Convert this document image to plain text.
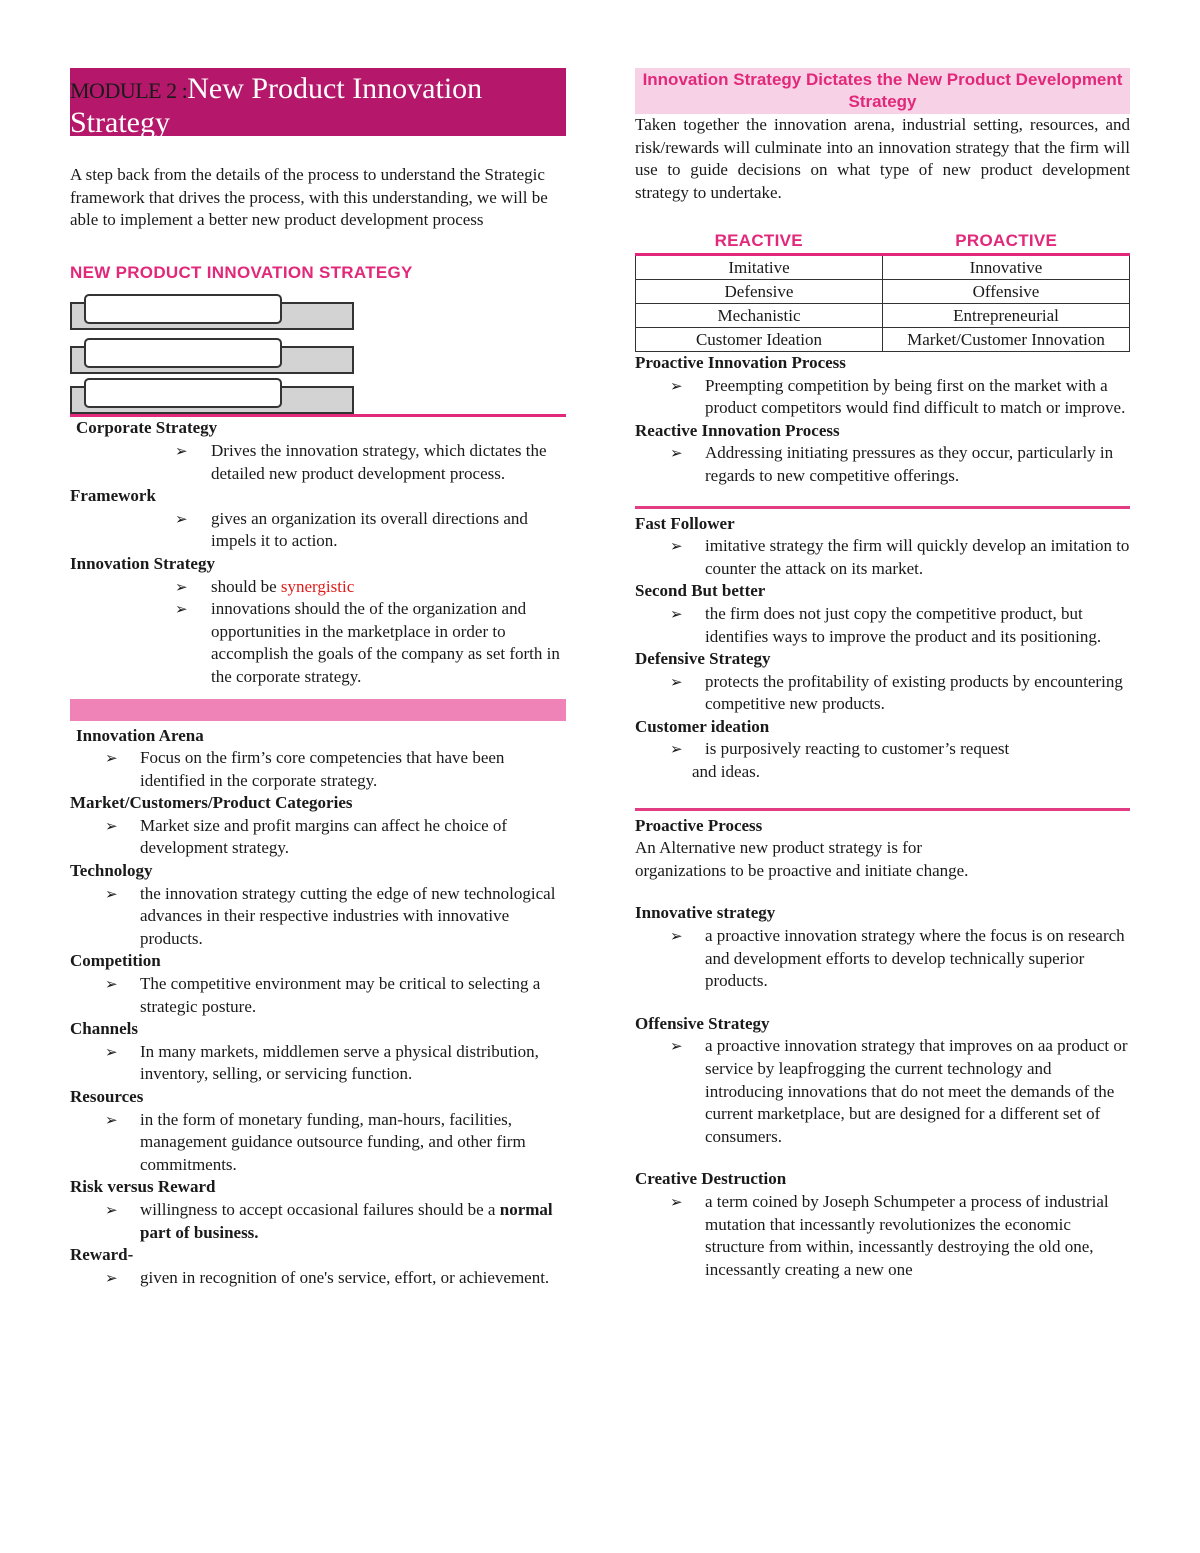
MODULE 2 :New Product Innovation Strategy
A step back from the details of the process to understand the Strategic framework that drives the process, with this understanding, we will be able to implement a better new product development process
NEW PRODUCT INNOVATION STRATEGY
Corporate Strategy
➢ Drives the innovation strategy, which dictates the detailed new product development process.
Framework
➢ gives an organization its overall directions and impels it to action.
Innovation Strategy
➢ should be synergistic
➢ innovations should the of the organization and opportunities in the marketplace in order to accomplish the goals of the company as set forth in the corporate strategy.
Innovation Arena
➢ Focus on the firm’s core competencies that have been identified in the corporate strategy.
Market/Customers/Product Categories
➢ Market size and profit margins can affect he choice of development strategy.
Technology
➢ the innovation strategy cutting the edge of new technological advances in their respective industries with innovative products.
Competition
➢ The competitive environment may be critical to selecting a strategic posture.
Channels
➢ In many markets, middlemen serve a physical distribution, inventory, selling, or servicing function.
Resources
➢ in the form of monetary funding, man-hours, facilities, management guidance outsource funding, and other firm commitments.
Risk versus Reward
➢ willingness to accept occasional failures should be a normal part of business.
Reward-
➢ given in recognition of one's service, effort, or achievement.
Innovation Strategy Dictates the New Product Development Strategy
Taken together the innovation arena, industrial setting, resources, and risk/rewards will culminate into an innovation strategy that the firm will use to guide decisions on what type of new product development strategy to undertake.
REACTIVE	PROACTIVE
Imitative	Innovative
Defensive	Offensive
Mechanistic	Entrepreneurial
Customer Ideation	Market/Customer Innovation
Proactive Innovation Process
➢ Preempting competition by being first on the market with a product competitors would find difficult to match or improve.
Reactive Innovation Process
➢ Addressing initiating pressures as they occur, particularly in regards to new competitive offerings.
Fast Follower
➢ imitative strategy the firm will quickly develop an imitation to counter the attack on its market.
Second But better
➢ the firm does not just copy the competitive product, but identifies ways to improve the product and its positioning.
Defensive Strategy
➢ protects the profitability of existing products by encountering competitive new products.
Customer ideation
➢ is purposively reacting to customer’s request
and ideas.
Proactive Process
An Alternative new product strategy is for
organizations to be proactive and initiate change.
Innovative strategy
➢ a proactive innovation strategy where the focus is on research and development efforts to develop technically superior products.
Offensive Strategy
➢ a proactive innovation strategy that improves on aa product or service by leapfrogging the current technology and introducing innovations that do not meet the demands of the current marketplace, but are designed for a different set of consumers.
Creative Destruction
➢ a term coined by Joseph Schumpeter a process of industrial mutation that incessantly revolutionizes the economic structure from within, incessantly destroying the old one, incessantly creating a new one
